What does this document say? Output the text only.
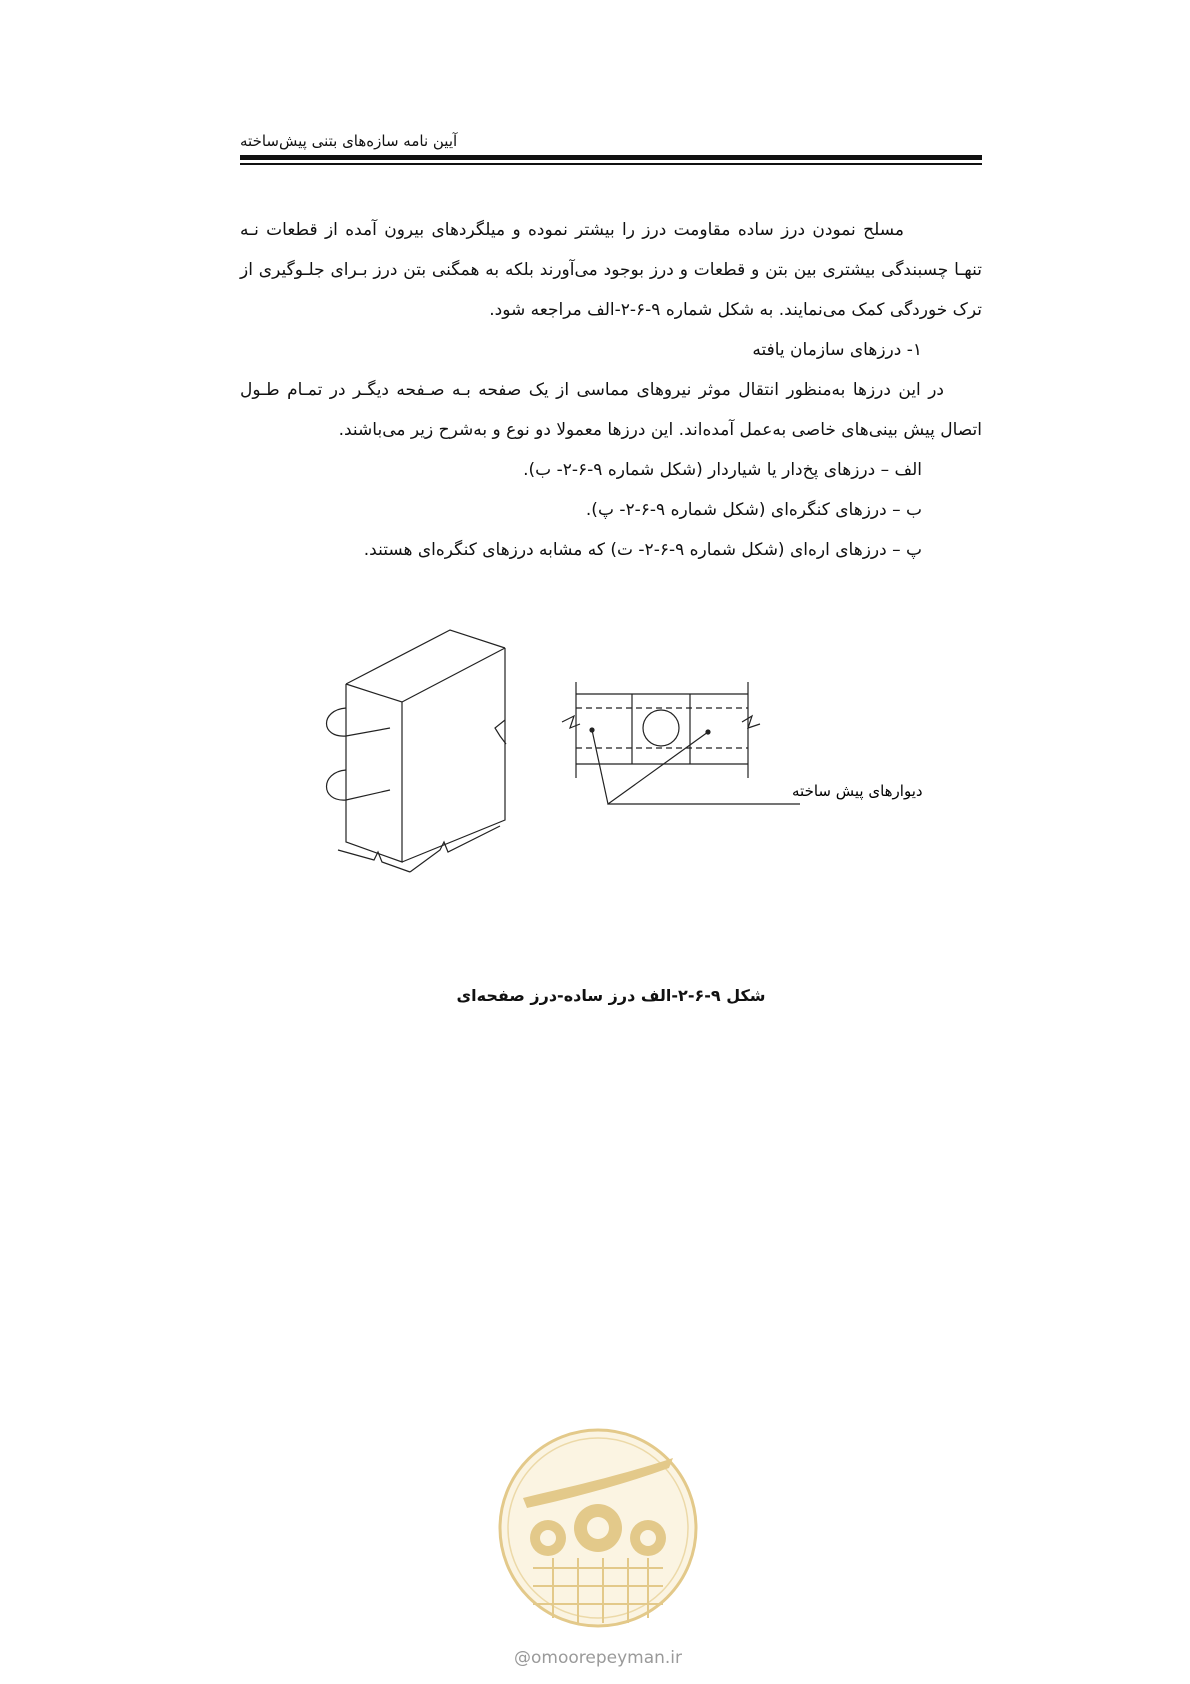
آیین نامه سازه‌های بتنی پیش‌ساخته

مسلح نمودن درز ساده مقاومت درز را بیشتر نموده و میلگردهای بیرون آمده از قطعات نـه تنهـا چسبندگی بیشتری بین بتن و قطعات و درز بوجود می‌آورند بلکه به همگنی بتن درز بـرای جلـوگیری از ترک خوردگی کمک می‌نمایند. به شکل شماره ۹-۶-۲-الف مراجعه شود.

۱- درزهای سازمان یافته

در این درزها به‌منظور انتقال موثر نیروهای مماسی از یک صفحه بـه صـفحه دیگـر در تمـام طـول اتصال پیش بینی‌های خاصی به‌عمل آمده‌اند. این درزها معمولا دو نوع و به‌شرح زیر می‌باشند.

الف – درزهای پخ‌دار یا شیاردار (شکل شماره ۹-۶-۲- ب).

ب – درزهای کنگره‌ای (شکل شماره ۹-۶-۲- پ).

پ – درزهای اره‌ای (شکل شماره ۹-۶-۲- ت) که مشابه درزهای کنگره‌ای هستند.

دیوارهای پیش ساخته
شکل ۹-۶-۲-الف درز ساده-درز صفحه‌ای
@omoorepeyman.ir
